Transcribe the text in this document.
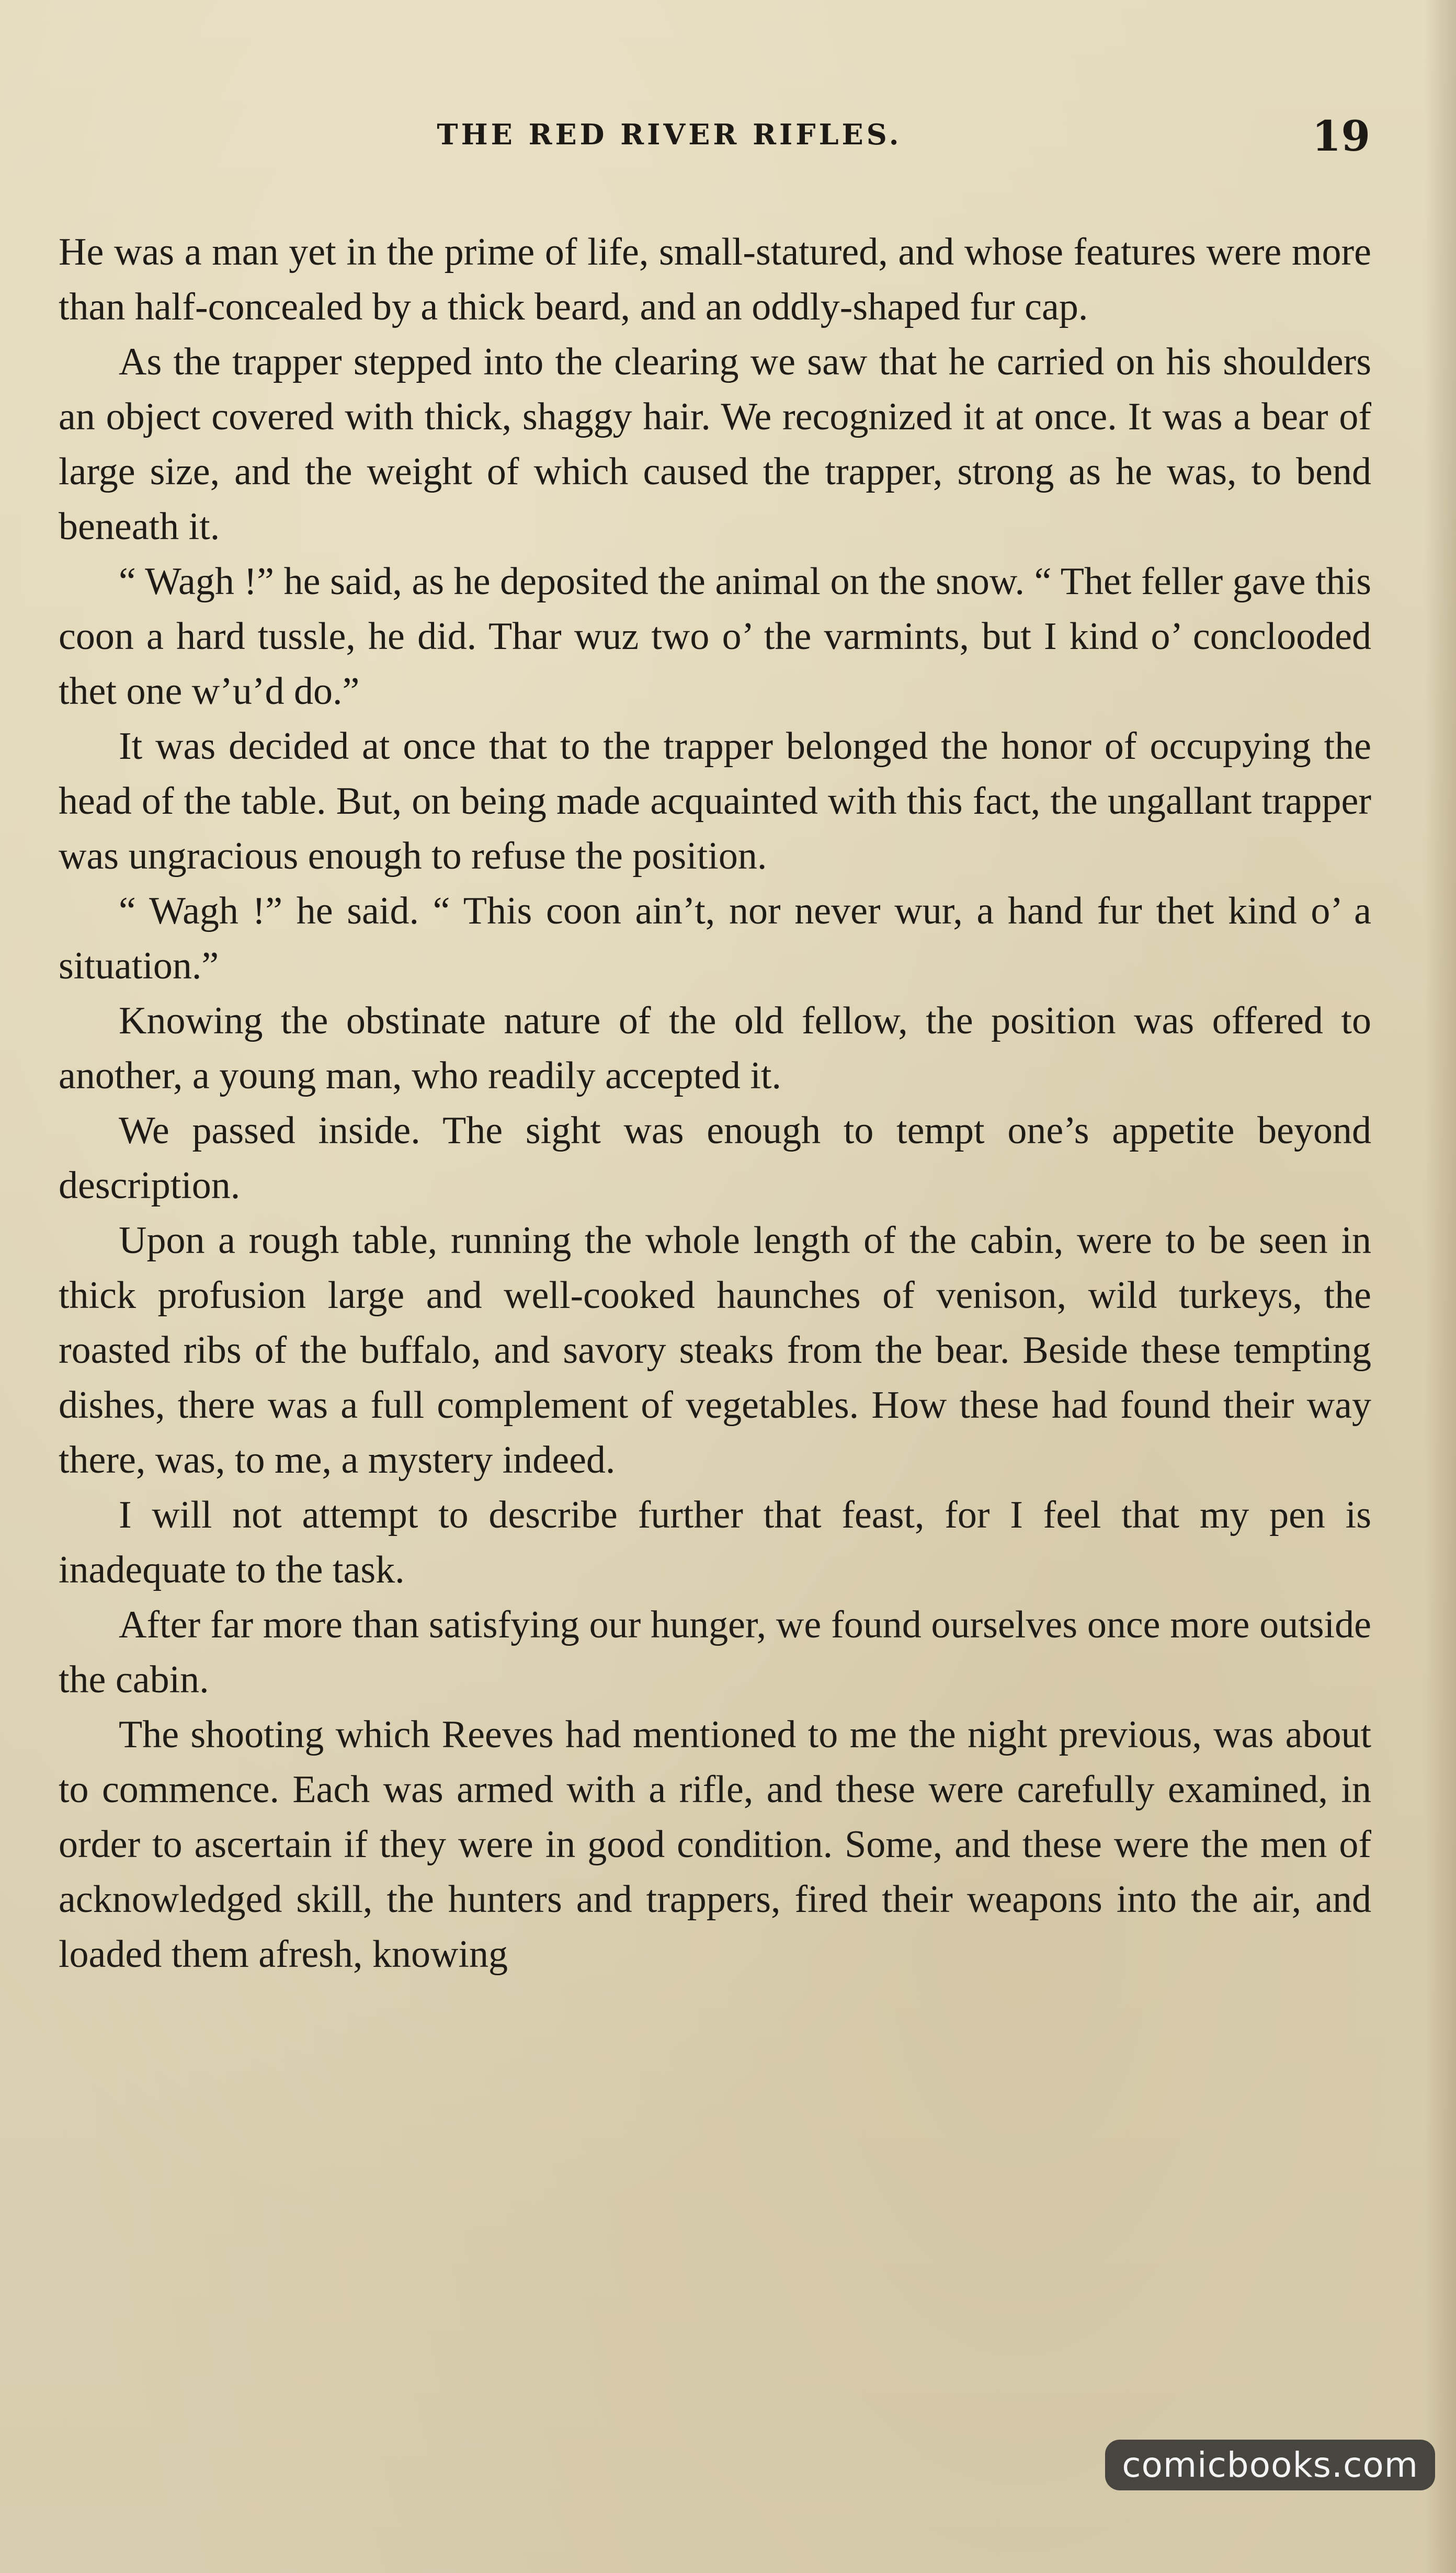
THE RED RIVER RIFLES.	19

He was a man yet in the prime of life, small-statured, and whose features were more than half-concealed by a thick beard, and an oddly-shaped fur cap.

As the trapper stepped into the clearing we saw that he carried on his shoulders an object covered with thick, shaggy hair. We recognized it at once. It was a bear of large size, and the weight of which caused the trapper, strong as he was, to bend beneath it.

“ Wagh !” he said, as he deposited the animal on the snow. “ Thet feller gave this coon a hard tussle, he did. Thar wuz two o’ the varmints, but I kind o’ conclooded thet one w’u’d do.”

It was decided at once that to the trapper belonged the honor of occupying the head of the table. But, on being made acquainted with this fact, the ungallant trapper was ungracious enough to refuse the position.

“ Wagh !” he said. “ This coon ain’t, nor never wur, a hand fur thet kind o’ a situation.”

Knowing the obstinate nature of the old fellow, the position was offered to another, a young man, who readily accepted it.

We passed inside. The sight was enough to tempt one’s appetite beyond description.

Upon a rough table, running the whole length of the cabin, were to be seen in thick profusion large and well-cooked haunches of venison, wild turkeys, the roasted ribs of the buffalo, and savory steaks from the bear. Beside these tempting dishes, there was a full complement of vegetables. How these had found their way there, was, to me, a mystery indeed.

I will not attempt to describe further that feast, for I feel that my pen is inadequate to the task.

After far more than satisfying our hunger, we found ourselves once more outside the cabin.

The shooting which Reeves had mentioned to me the night previous, was about to commence. Each was armed with a rifle, and these were carefully examined, in order to ascertain if they were in good condition. Some, and these were the men of acknowledged skill, the hunters and trappers, fired their weapons into the air, and loaded them afresh, knowing

comicbooks.com
